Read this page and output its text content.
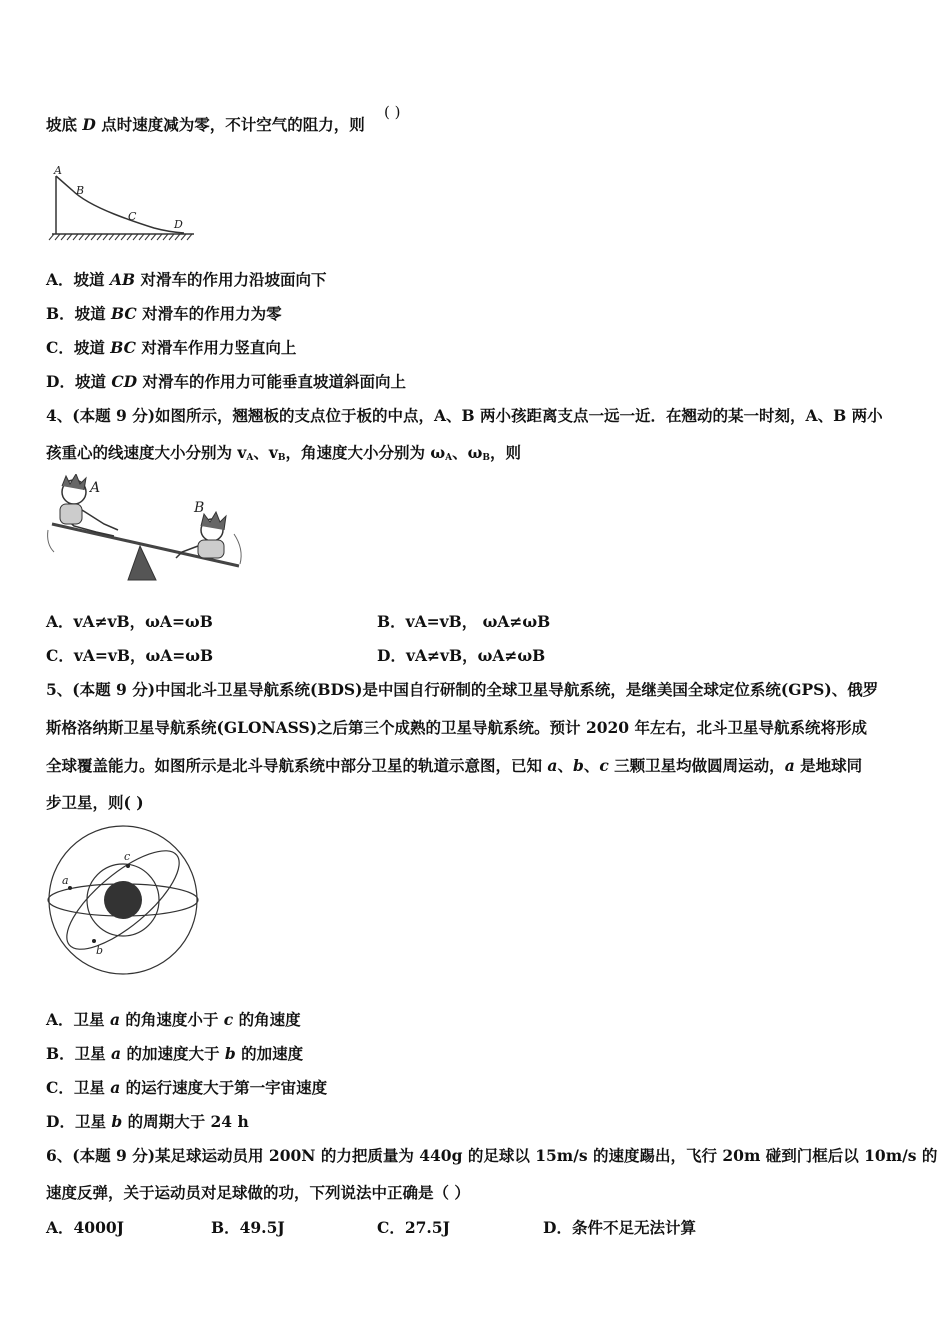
坡底 D 点时速度减为零，不计空气的阻力，则
( )
A
B
C
D
A．坡道 AB 对滑车的作用力沿坡面向下
B．坡道 BC 对滑车的作用力为零
C．坡道 BC 对滑车作用力竖直向上
D．坡道 CD 对滑车的作用力可能垂直坡道斜面向上
4、(本题 9 分)如图所示，翘翘板的支点位于板的中点，A、B 两小孩距离支点一远一近．在翘动的某一时刻，A、B 两小
孩重心的线速度大小分别为 $v_A$、$v_B$，角速度大小分别为 $\omega_A$、$\omega_B$，则
A
B
A．vA≠vB，ωA=ωB	B．vA=vB， ωA≠ωB
C．vA=vB，ωA=ωB	D．vA≠vB，ωA≠ωB
5、(本题 9 分)中国北斗卫星导航系统(BDS)是中国自行研制的全球卫星导航系统，是继美国全球定位系统(GPS)、俄罗
斯格洛纳斯卫星导航系统(GLONASS)之后第三个成熟的卫星导航系统。预计 2020 年左右，北斗卫星导航系统将形成
全球覆盖能力。如图所示是北斗导航系统中部分卫星的轨道示意图，已知 a、b、c 三颗卫星均做圆周运动，a 是地球同
步卫星，则( )
a
b
c
A．卫星 a 的角速度小于 c 的角速度
B．卫星 a 的加速度大于 b 的加速度
C．卫星 a 的运行速度大于第一宇宙速度
D．卫星 b 的周期大于 24 h
6、(本题 9 分)某足球运动员用 200N 的力把质量为 440g 的足球以 15m/s 的速度踢出，飞行 20m 碰到门框后以 10m/s 的
速度反弹，关于运动员对足球做的功，下列说法中正确是（ ）
A．4000J	B．49.5J	C．27.5J	D．条件不足无法计算
